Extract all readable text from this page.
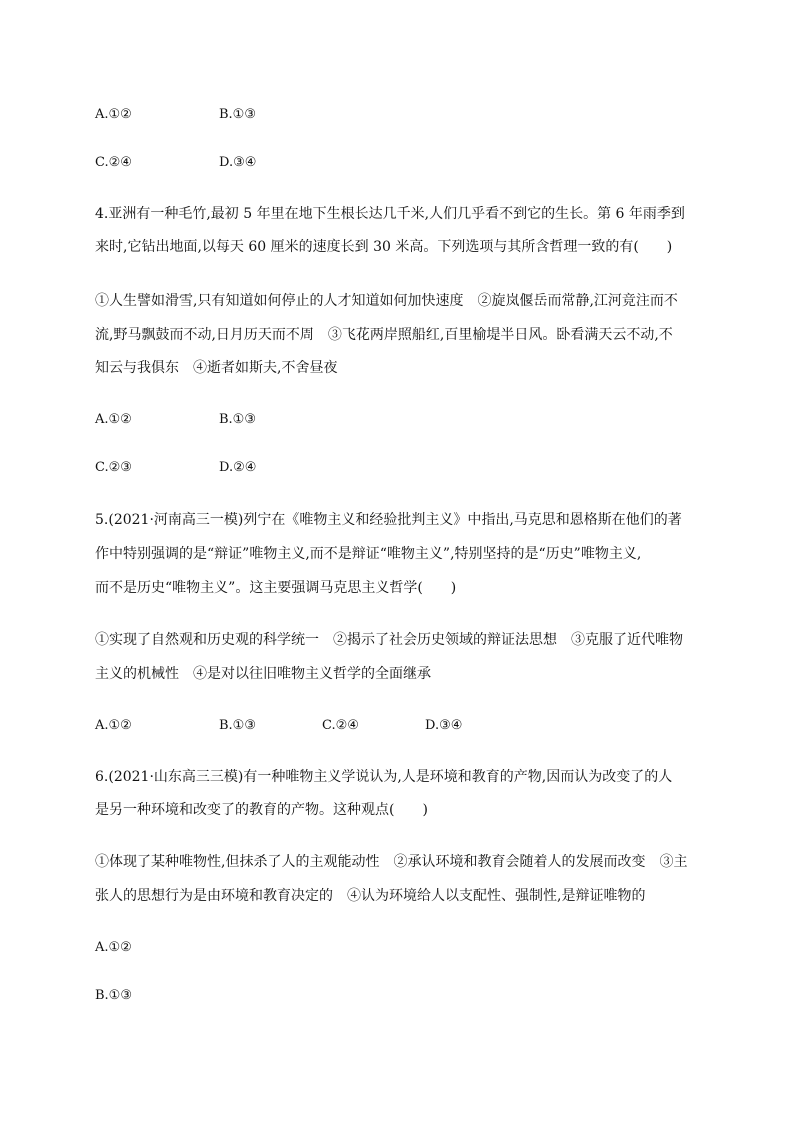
A.①②	B.①③
C.②④	D.③④
4.亚洲有一种毛竹,最初 5 年里在地下生根长达几千米,人们几乎看不到它的生长。第 6 年雨季到
来时,它钻出地面,以每天 60 厘米的速度长到 30 米高。下列选项与其所含哲理一致的有(　　)
①人生譬如滑雪,只有知道如何停止的人才知道如何加快速度　②旋岚偃岳而常静,江河竞注而不
流,野马飘鼓而不动,日月历天而不周　③飞花两岸照船红,百里榆堤半日风。卧看满天云不动,不
知云与我俱东　④逝者如斯夫,不舍昼夜
A.①②	B.①③
C.②③	D.②④
5.(2021·河南高三一模)列宁在《唯物主义和经验批判主义》中指出,马克思和恩格斯在他们的著
作中特别强调的是“辩证”唯物主义,而不是辩证“唯物主义”,特别坚持的是“历史”唯物主义,
而不是历史“唯物主义”。这主要强调马克思主义哲学(　　)
①实现了自然观和历史观的科学统一　②揭示了社会历史领域的辩证法思想　③克服了近代唯物
主义的机械性　④是对以往旧唯物主义哲学的全面继承
A.①②	B.①③	C.②④	D.③④
6.(2021·山东高三三模)有一种唯物主义学说认为,人是环境和教育的产物,因而认为改变了的人
是另一种环境和改变了的教育的产物。这种观点(　　)
①体现了某种唯物性,但抹杀了人的主观能动性　②承认环境和教育会随着人的发展而改变　③主
张人的思想行为是由环境和教育决定的　④认为环境给人以支配性、强制性,是辩证唯物的
A.①②
B.①③
